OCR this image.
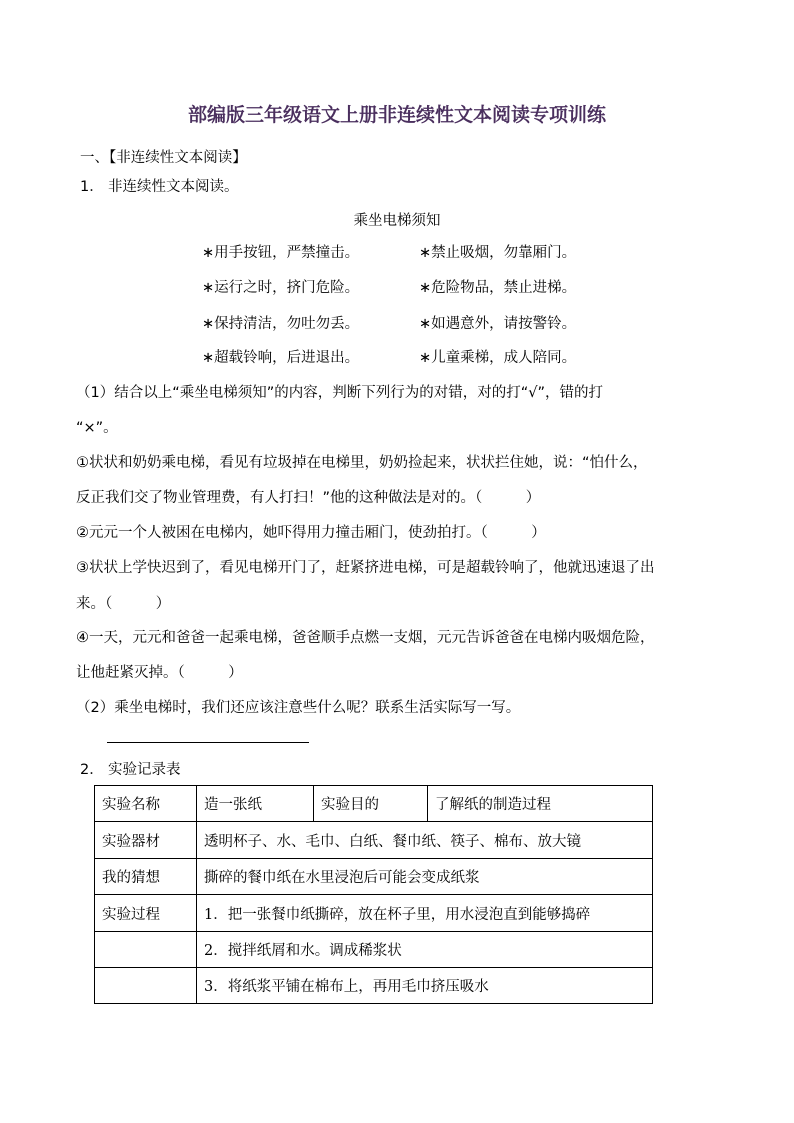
部编版三年级语文上册非连续性文本阅读专项训练
一、【非连续性文本阅读】
1． 非连续性文本阅读。
乘坐电梯须知
∗用手按钮，严禁撞击。	∗禁止吸烟，勿靠厢门。
∗运行之时，挤门危险。	∗危险物品，禁止进梯。
∗保持清洁，勿吐勿丢。	∗如遇意外，请按警铃。
∗超载铃响，后进退出。	∗儿童乘梯，成人陪同。
（1）结合以上“乘坐电梯须知”的内容，判断下列行为的对错，对的打“√”，错的打
“×”。
①状状和奶奶乘电梯，看见有垃圾掉在电梯里，奶奶捡起来，状状拦住她，说：“怕什么，
反正我们交了物业管理费，有人打扫！”他的这种做法是对的。（　　　）
②元元一个人被困在电梯内，她吓得用力撞击厢门，使劲拍打。（　　　）
③状状上学快迟到了，看见电梯开门了，赶紧挤进电梯，可是超载铃响了，他就迅速退了出
来。（　　　）
④一天，元元和爸爸一起乘电梯，爸爸顺手点燃一支烟，元元告诉爸爸在电梯内吸烟危险，
让他赶紧灭掉。（　　　）
（2）乘坐电梯时，我们还应该注意些什么呢？联系生活实际写一写。
2． 实验记录表
实验名称	造一张纸	实验目的	了解纸的制造过程
实验器材	透明杯子、水、毛巾、白纸、餐巾纸、筷子、棉布、放大镜		
我的猜想	撕碎的餐巾纸在水里浸泡后可能会变成纸浆		
实验过程	1．把一张餐巾纸撕碎，放在杯子里，用水浸泡直到能够捣碎		
	2．搅拌纸屑和水。调成稀浆状		
	3．将纸浆平铺在棉布上，再用毛巾挤压吸水		
